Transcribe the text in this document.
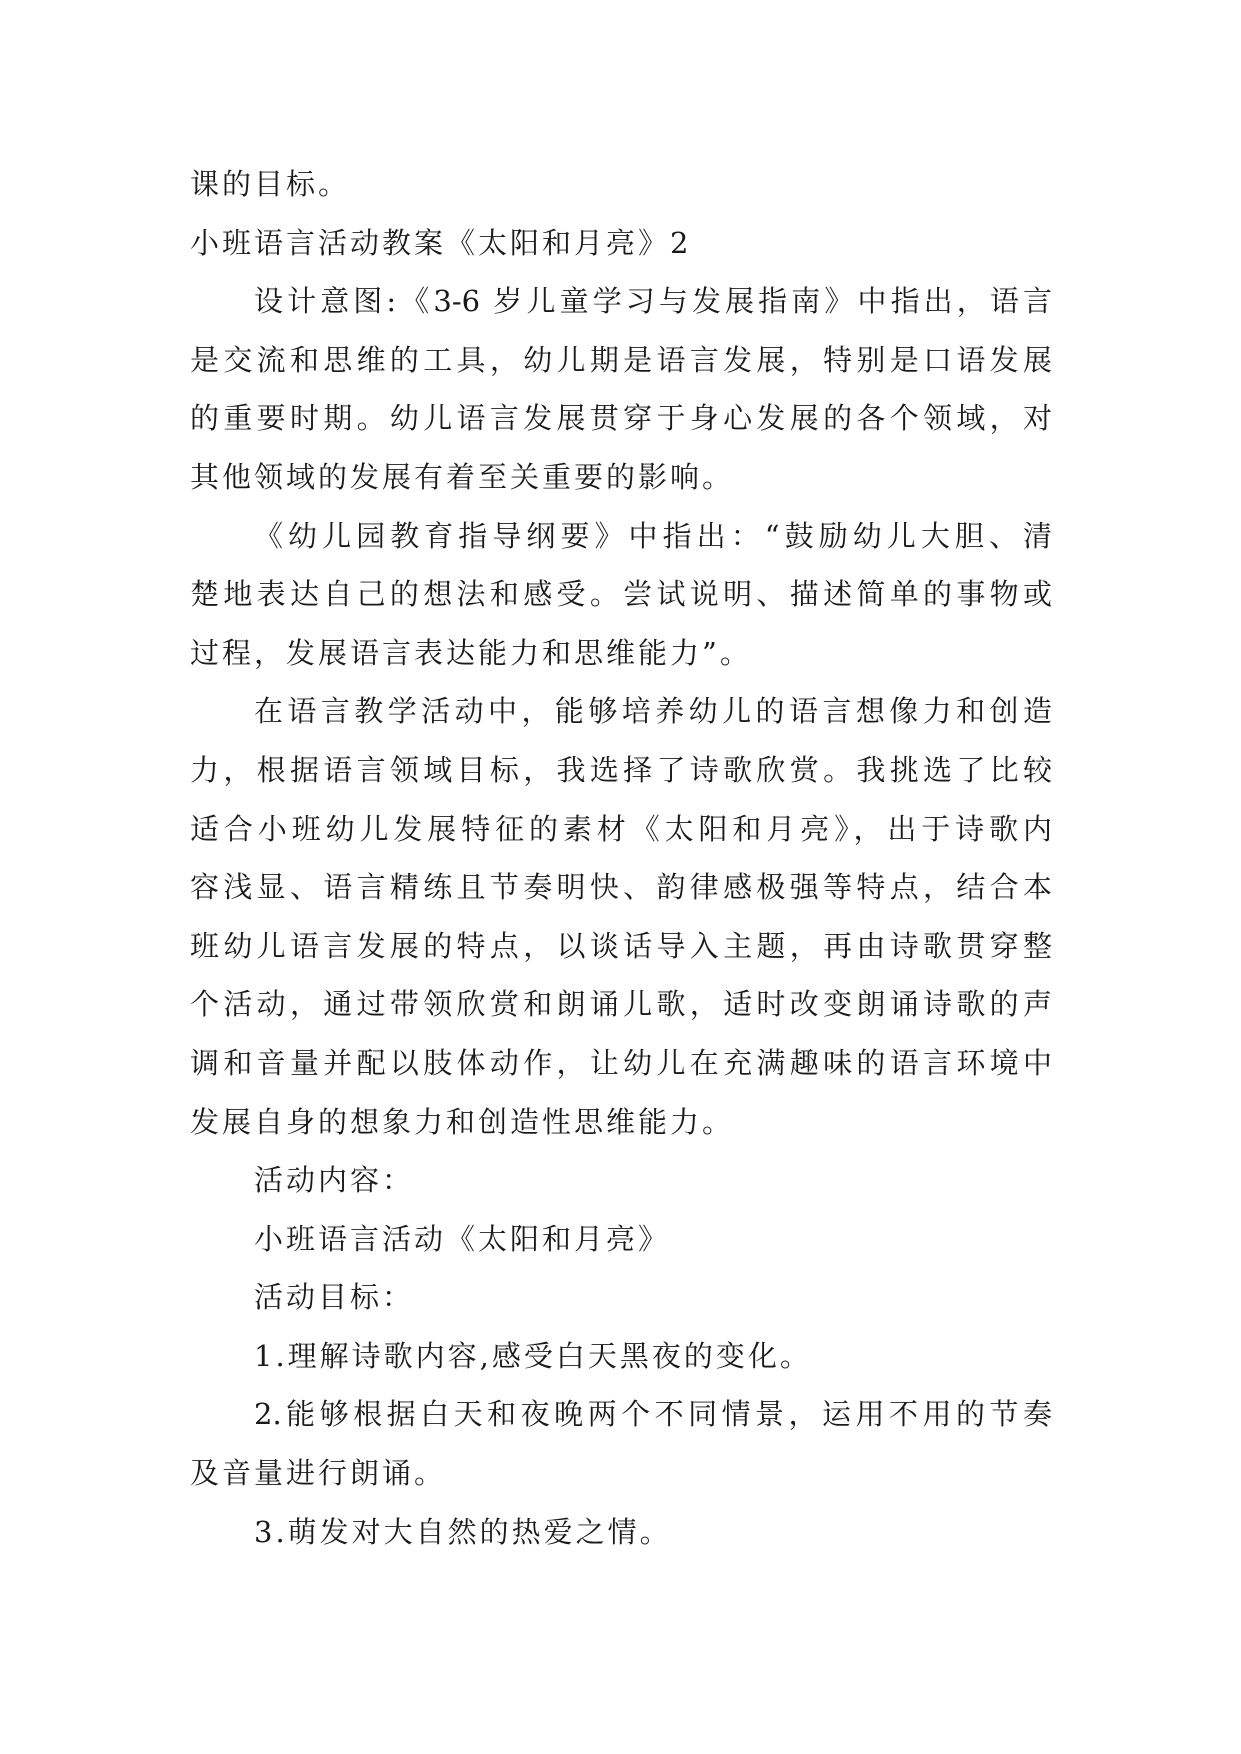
课的目标。

小班语言活动教案《太阳和月亮》2

设计意图:《3-6 岁儿童学习与发展指南》中指出，语言

是交流和思维的工具，幼儿期是语言发展，特别是口语发展

的重要时期。幼儿语言发展贯穿于身心发展的各个领域，对

其他领域的发展有着至关重要的影响。

《幼儿园教育指导纲要》中指出：“鼓励幼儿大胆、清

楚地表达自己的想法和感受。尝试说明、描述简单的事物或

过程，发展语言表达能力和思维能力”。

在语言教学活动中，能够培养幼儿的语言想像力和创造

力，根据语言领域目标，我选择了诗歌欣赏。我挑选了比较

适合小班幼儿发展特征的素材《太阳和月亮》，出于诗歌内

容浅显、语言精练且节奏明快、韵律感极强等特点，结合本

班幼儿语言发展的特点，以谈话导入主题，再由诗歌贯穿整

个活动，通过带领欣赏和朗诵儿歌，适时改变朗诵诗歌的声

调和音量并配以肢体动作，让幼儿在充满趣味的语言环境中

发展自身的想象力和创造性思维能力。

活动内容：

小班语言活动《太阳和月亮》

活动目标：

1.理解诗歌内容,感受白天黑夜的变化。

2.能够根据白天和夜晚两个不同情景，运用不用的节奏

及音量进行朗诵。

3.萌发对大自然的热爱之情。
